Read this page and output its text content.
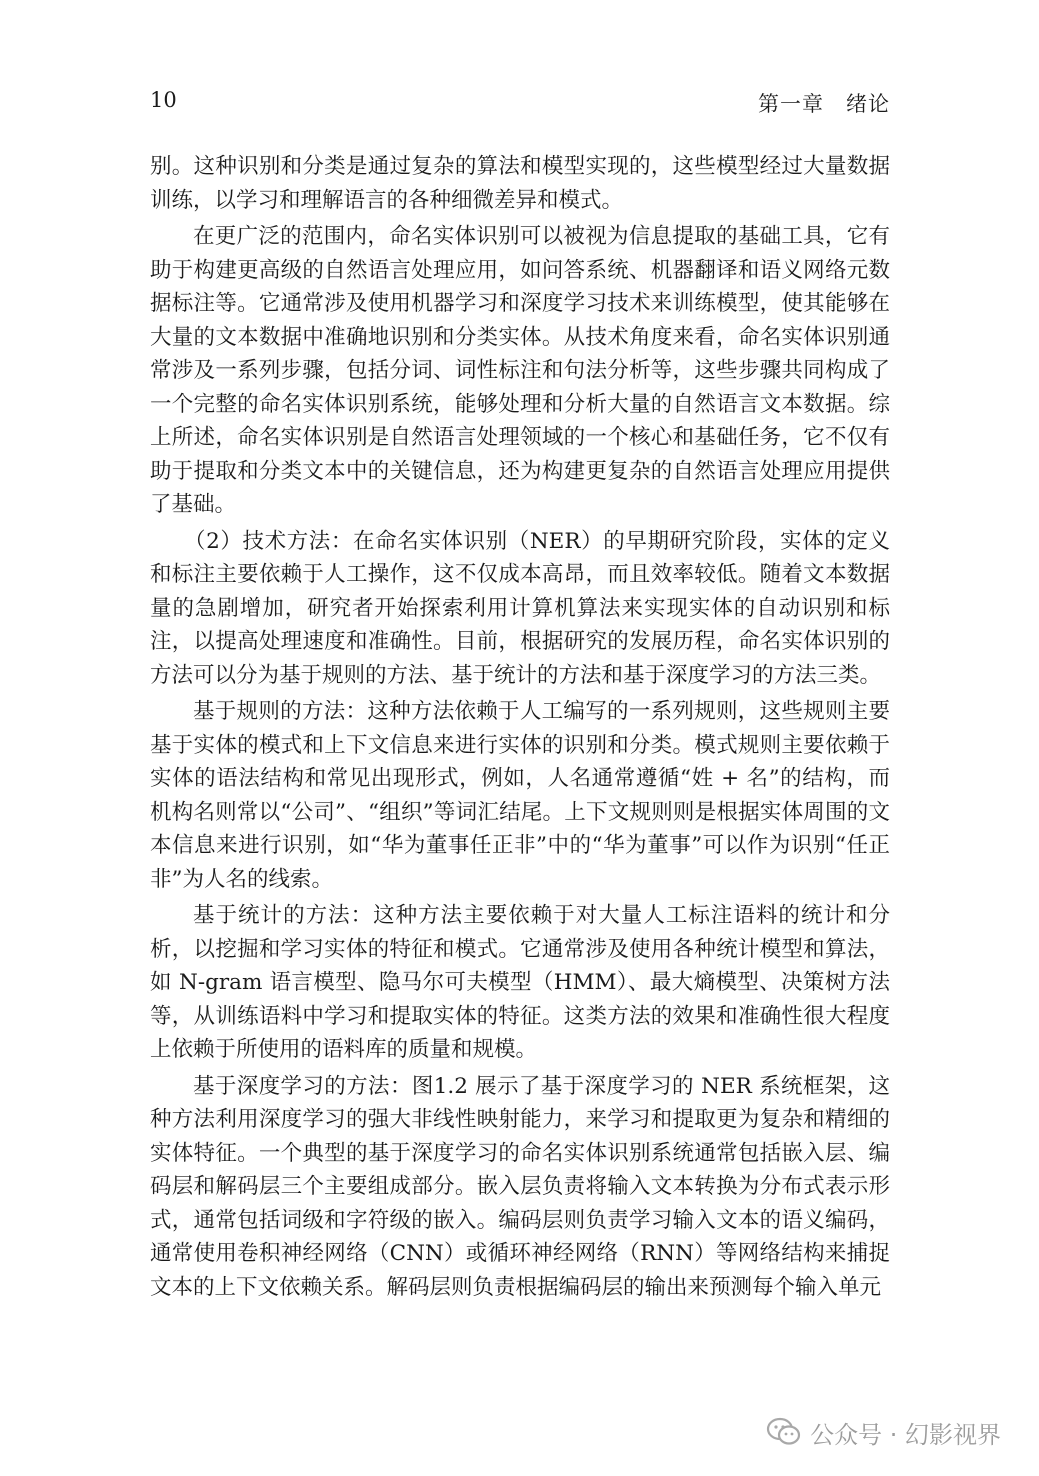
10	第一章　绪论

别。这种识别和分类是通过复杂的算法和模型实现的，这些模型经过大量数据训练，以学习和理解语言的各种细微差异和模式。

在更广泛的范围内，命名实体识别可以被视为信息提取的基础工具，它有助于构建更高级的自然语言处理应用，如问答系统、机器翻译和语义网络元数据标注等。它通常涉及使用机器学习和深度学习技术来训练模型，使其能够在大量的文本数据中准确地识别和分类实体。从技术角度来看，命名实体识别通常涉及一系列步骤，包括分词、词性标注和句法分析等，这些步骤共同构成了一个完整的命名实体识别系统，能够处理和分析大量的自然语言文本数据。综上所述，命名实体识别是自然语言处理领域的一个核心和基础任务，它不仅有助于提取和分类文本中的关键信息，还为构建更复杂的自然语言处理应用提供了基础。

（2）技术方法：在命名实体识别（NER）的早期研究阶段，实体的定义和标注主要依赖于人工操作，这不仅成本高昂，而且效率较低。随着文本数据量的急剧增加，研究者开始探索利用计算机算法来实现实体的自动识别和标注，以提高处理速度和准确性。目前，根据研究的发展历程，命名实体识别的方法可以分为基于规则的方法、基于统计的方法和基于深度学习的方法三类。

基于规则的方法：这种方法依赖于人工编写的一系列规则，这些规则主要基于实体的模式和上下文信息来进行实体的识别和分类。模式规则主要依赖于实体的语法结构和常见出现形式，例如，人名通常遵循“姓 + 名”的结构，而机构名则常以“公司”、“组织”等词汇结尾。上下文规则则是根据实体周围的文本信息来进行识别，如“华为董事任正非”中的“华为董事”可以作为识别“任正非”为人名的线索。

基于统计的方法：这种方法主要依赖于对大量人工标注语料的统计和分析，以挖掘和学习实体的特征和模式。它通常涉及使用各种统计模型和算法，如 N-gram 语言模型、隐马尔可夫模型（HMM）、最大熵模型、决策树方法等，从训练语料中学习和提取实体的特征。这类方法的效果和准确性很大程度上依赖于所使用的语料库的质量和规模。

基于深度学习的方法：图1.2 展示了基于深度学习的 NER 系统框架，这种方法利用深度学习的强大非线性映射能力，来学习和提取更为复杂和精细的实体特征。一个典型的基于深度学习的命名实体识别系统通常包括嵌入层、编码层和解码层三个主要组成部分。嵌入层负责将输入文本转换为分布式表示形式，通常包括词级和字符级的嵌入。编码层则负责学习输入文本的语义编码，通常使用卷积神经网络（CNN）或循环神经网络（RNN）等网络结构来捕捉文本的上下文依赖关系。解码层则负责根据编码层的输出来预测每个输入单元

公众号 · 幻影视界
